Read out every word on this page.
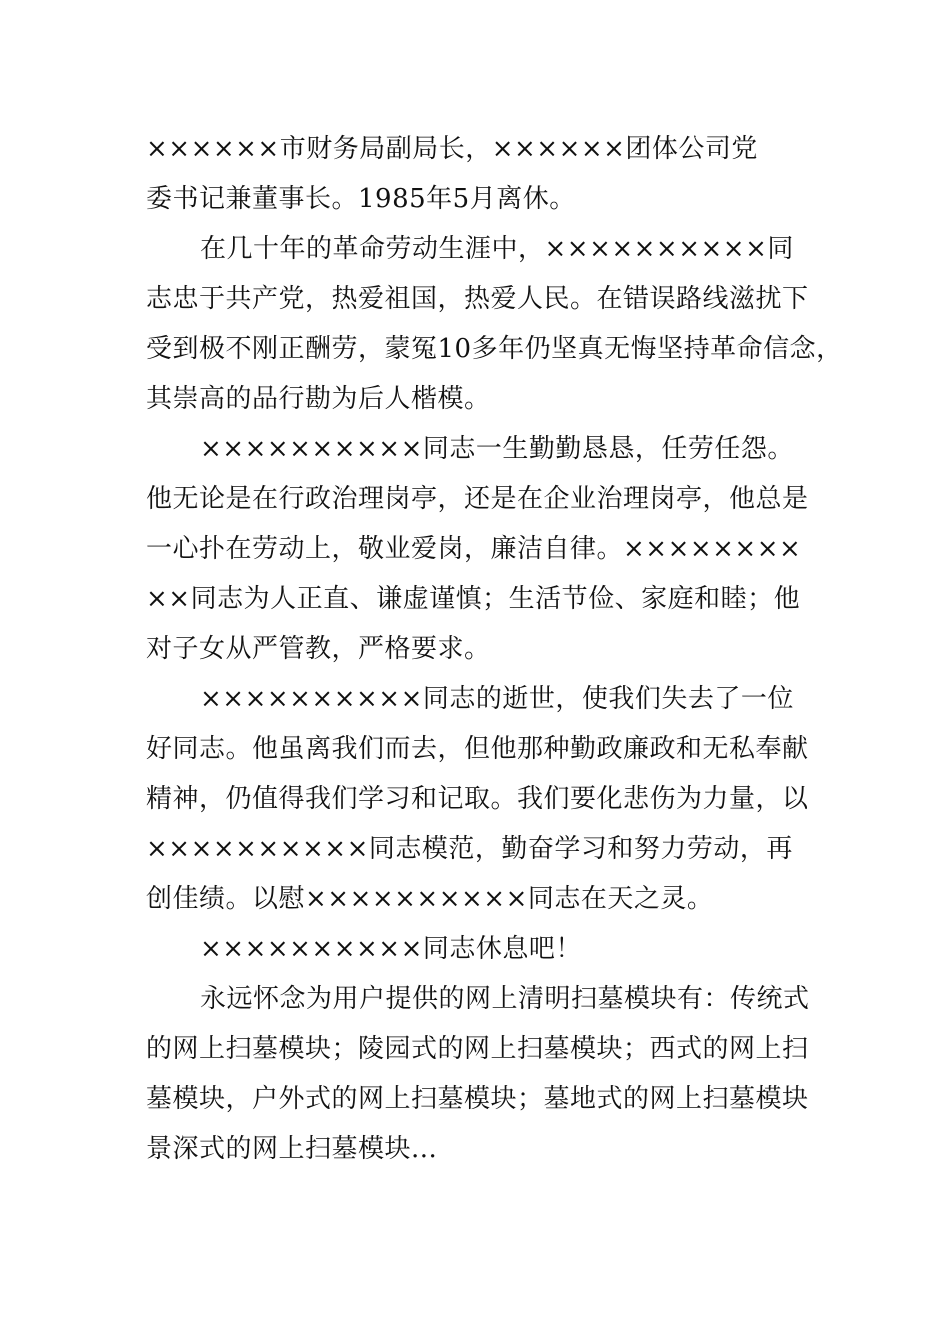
××××××市财务局副局长，××××××团体公司党
委书记兼董事长。1985年5月离休。
在几十年的革命劳动生涯中，××××××××××同
志忠于共产党，热爱祖国，热爱人民。在错误路线滋扰下
受到极不刚正酬劳，蒙冤10多年仍坚真无悔坚持革命信念，
其崇高的品行勘为后人楷模。
××××××××××同志一生勤勤恳恳，任劳任怨。
他无论是在行政治理岗亭，还是在企业治理岗亭，他总是
一心扑在劳动上，敬业爱岗，廉洁自律。××××××××
××同志为人正直、谦虚谨慎；生活节俭、家庭和睦；他
对子女从严管教，严格要求。
××××××××××同志的逝世，使我们失去了一位
好同志。他虽离我们而去，但他那种勤政廉政和无私奉献
精神，仍值得我们学习和记取。我们要化悲伤为力量，以
××××××××××同志模范，勤奋学习和努力劳动，再
创佳绩。以慰××××××××××同志在天之灵。
××××××××××同志休息吧！
永远怀念为用户提供的网上清明扫墓模块有：传统式
的网上扫墓模块；陵园式的网上扫墓模块；西式的网上扫
墓模块，户外式的网上扫墓模块；墓地式的网上扫墓模块
景深式的网上扫墓模块...
